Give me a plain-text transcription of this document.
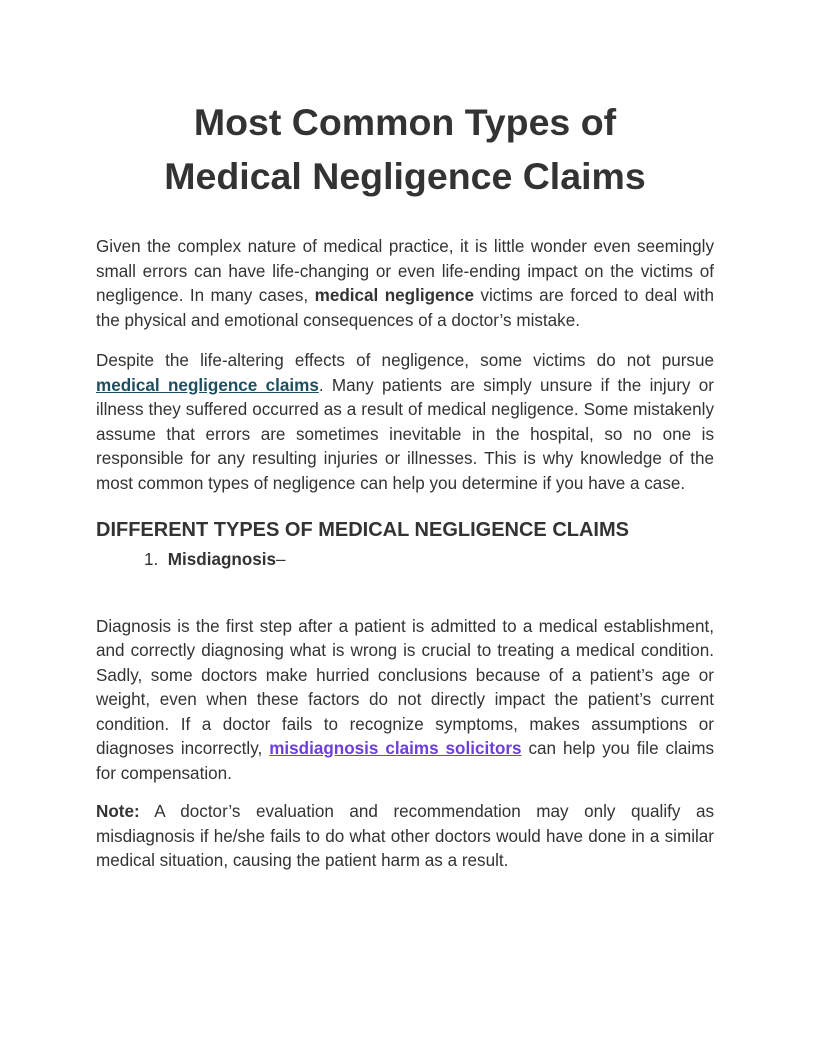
Most Common Types of
Medical Negligence Claims

Given the complex nature of medical practice, it is little wonder even seemingly small errors can have life-changing or even life-ending impact on the victims of negligence. In many cases, medical negligence victims are forced to deal with the physical and emotional consequences of a doctor’s mistake.

Despite the life-altering effects of negligence, some victims do not pursue medical negligence claims. Many patients are simply unsure if the injury or illness they suffered occurred as a result of medical negligence. Some mistakenly assume that errors are sometimes inevitable in the hospital, so no one is responsible for any resulting injuries or illnesses. This is why knowledge of the most common types of negligence can help you determine if you have a case.

DIFFERENT TYPES OF MEDICAL NEGLIGENCE CLAIMS
1. Misdiagnosis–

Diagnosis is the first step after a patient is admitted to a medical establishment, and correctly diagnosing what is wrong is crucial to treating a medical condition. Sadly, some doctors make hurried conclusions because of a patient’s age or weight, even when these factors do not directly impact the patient’s current condition. If a doctor fails to recognize symptoms, makes assumptions or diagnoses incorrectly, misdiagnosis claims solicitors can help you file claims for compensation.

Note: A doctor’s evaluation and recommendation may only qualify as misdiagnosis if he/she fails to do what other doctors would have done in a similar medical situation, causing the patient harm as a result.
